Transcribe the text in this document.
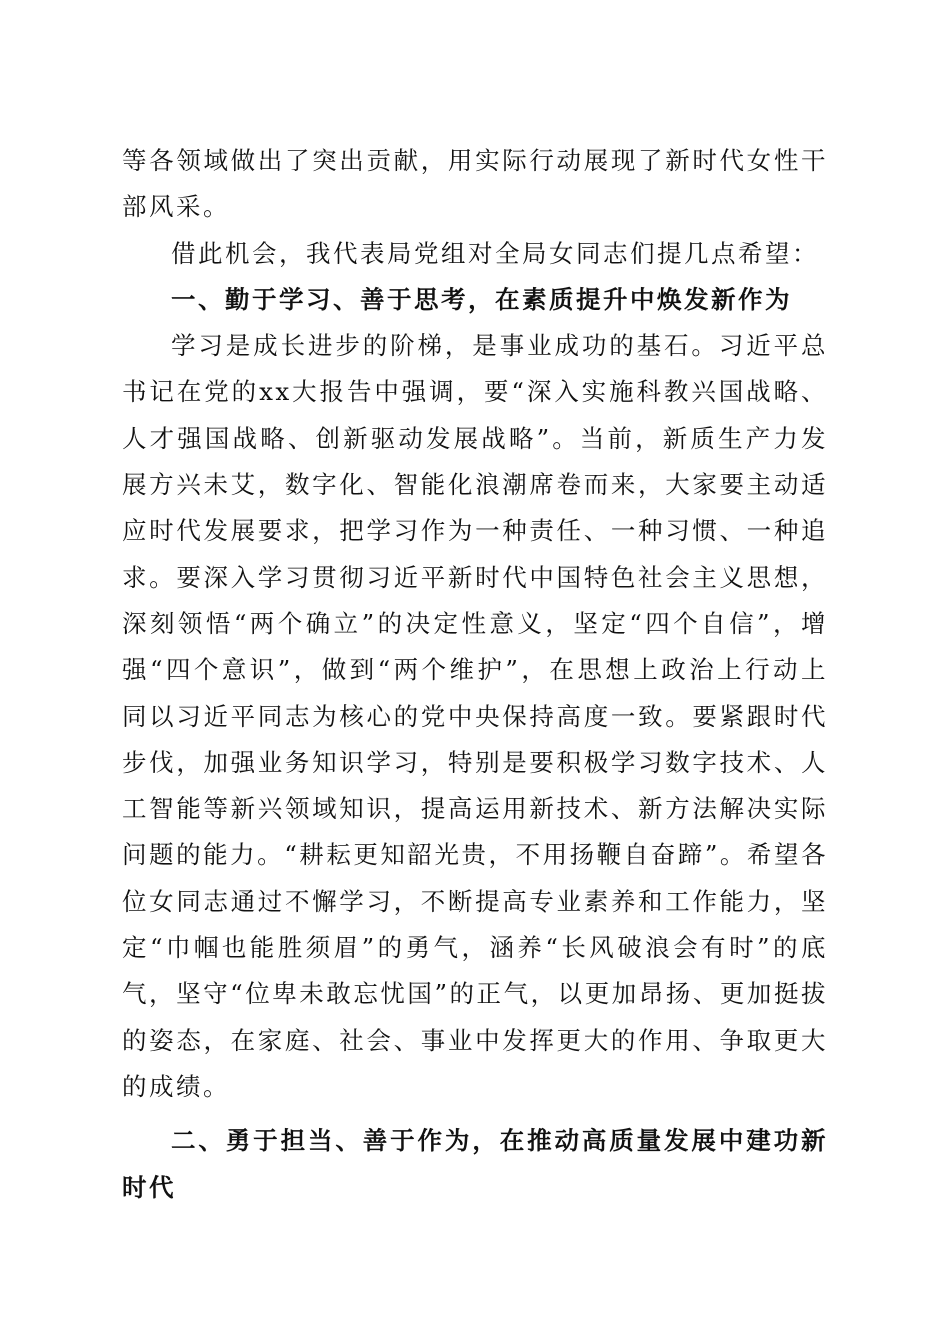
等各领域做出了突出贡献，用实际行动展现了新时代女性干部风采。

借此机会，我代表局党组对全局女同志们提几点希望：

一、勤于学习、善于思考，在素质提升中焕发新作为

学习是成长进步的阶梯，是事业成功的基石。习近平总书记在党的xx大报告中强调，要“深入实施科教兴国战略、人才强国战略、创新驱动发展战略”。当前，新质生产力发展方兴未艾，数字化、智能化浪潮席卷而来，大家要主动适应时代发展要求，把学习作为一种责任、一种习惯、一种追求。要深入学习贯彻习近平新时代中国特色社会主义思想，深刻领悟“两个确立”的决定性意义，坚定“四个自信”，增强“四个意识”，做到“两个维护”，在思想上政治上行动上同以习近平同志为核心的党中央保持高度一致。要紧跟时代步伐，加强业务知识学习，特别是要积极学习数字技术、人工智能等新兴领域知识，提高运用新技术、新方法解决实际问题的能力。“耕耘更知韶光贵，不用扬鞭自奋蹄”。希望各位女同志通过不懈学习，不断提高专业素养和工作能力，坚定“巾帼也能胜须眉”的勇气，涵养“长风破浪会有时”的底气，坚守“位卑未敢忘忧国”的正气，以更加昂扬、更加挺拔的姿态，在家庭、社会、事业中发挥更大的作用、争取更大的成绩。

二、勇于担当、善于作为，在推动高质量发展中建功新时代
